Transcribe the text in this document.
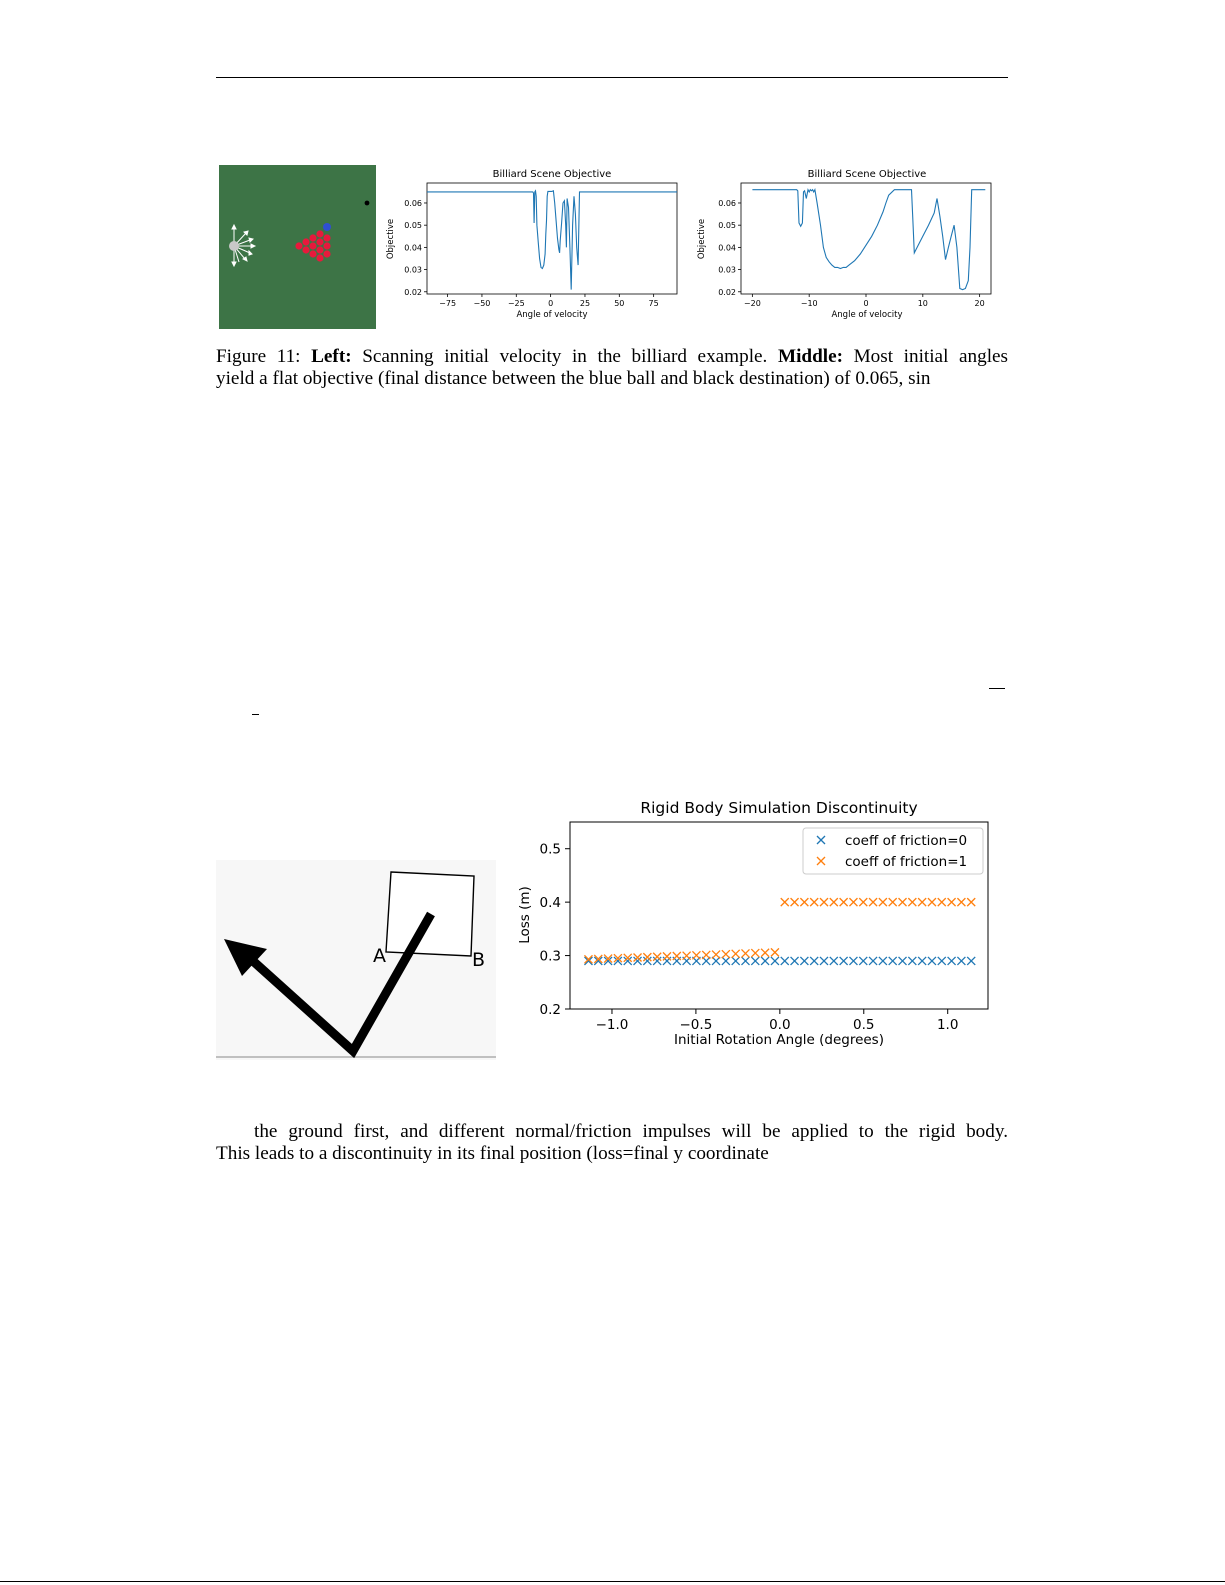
Billiard Scene Objective
−75 −50 −25	0	25	50	75
0.02
0.03
0.04
0.05
0.06
Angle of velocity
Objective
Billiard Scene Objective
−20	−10	0	10	20
0.02
0.03
0.04
0.05
0.06
Angle of velocity
Objective
Figure 11: Left: Scanning initial velocity in the billiard example. Middle: Most initial angles
yield a flat objective (final distance between the blue ball and black destination) of 0.065, sin
A	B
Rigid Body Simulation Discontinuity
−1.0	−0.5	0.0	0.5	1.0
0.2
0.3
0.4
0.5
coeff of friction=0
coeff of friction=1
Initial Rotation Angle (degrees)
Loss (m)
the ground first, and different normal/friction impulses will be applied to the rigid body.
This leads to a discontinuity in its final position (loss=final y coordinate
